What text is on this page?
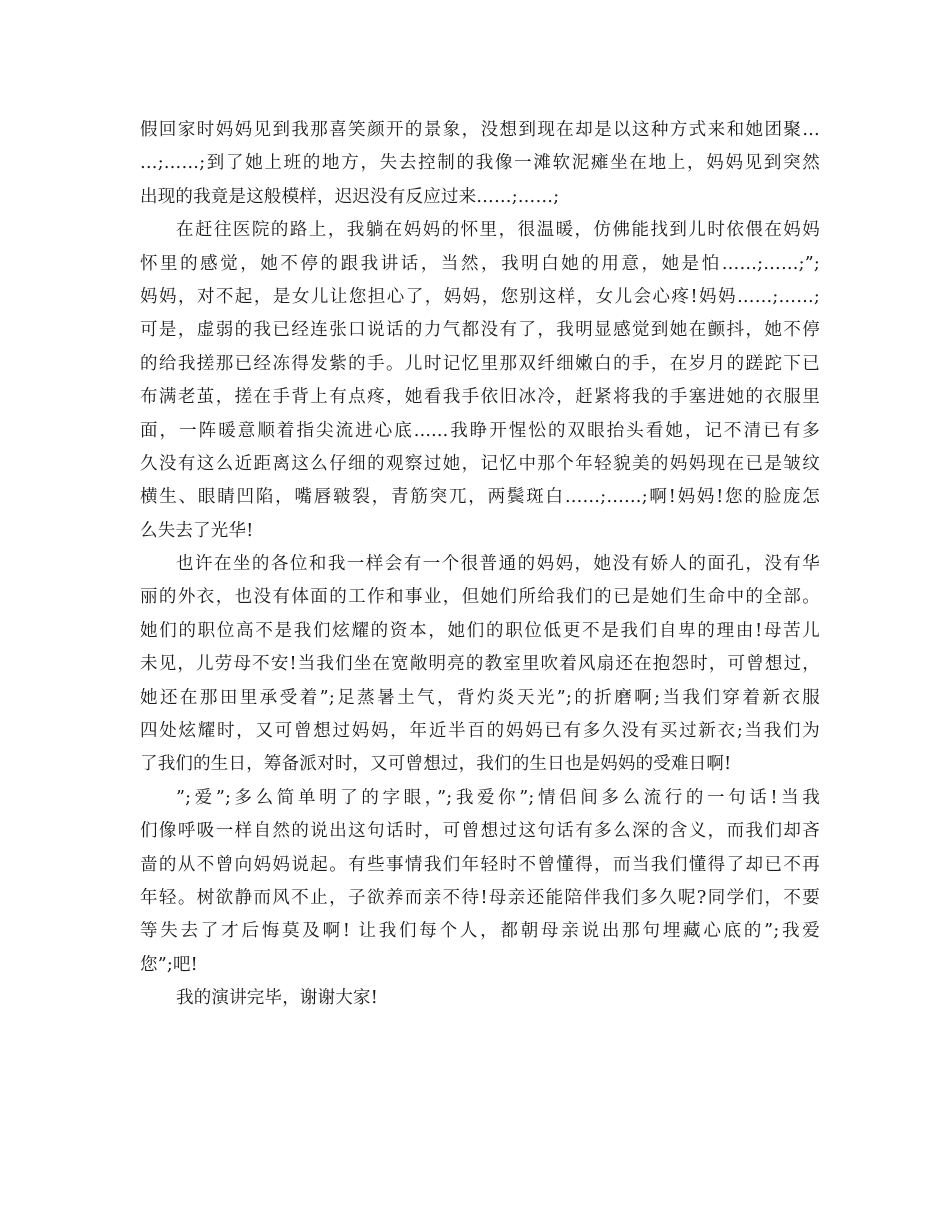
假回家时妈妈见到我那喜笑颜开的景象，没想到现在却是以这种方式来和她团聚…
…;……;到了她上班的地方，失去控制的我像一滩软泥瘫坐在地上，妈妈见到突然
出现的我竟是这般模样，迟迟没有反应过来……;……;
在赶往医院的路上，我躺在妈妈的怀里，很温暖，仿佛能找到儿时依偎在妈妈
怀里的感觉，她不停的跟我讲话，当然，我明白她的用意，她是怕……;……;”;
妈妈，对不起，是女儿让您担心了，妈妈，您别这样，女儿会心疼!妈妈……;……;
可是，虚弱的我已经连张口说话的力气都没有了，我明显感觉到她在颤抖，她不停
的给我搓那已经冻得发紫的手。儿时记忆里那双纤细嫩白的手，在岁月的蹉跎下已
布满老茧，搓在手背上有点疼，她看我手依旧冰冷，赶紧将我的手塞进她的衣服里
面，一阵暖意顺着指尖流进心底......我睁开惺忪的双眼抬头看她，记不清已有多
久没有这么近距离这么仔细的观察过她，记忆中那个年轻貌美的妈妈现在已是皱纹
横生、眼睛凹陷，嘴唇皲裂，青筋突兀，两鬓斑白……;……;啊!妈妈!您的脸庞怎
么失去了光华!
也许在坐的各位和我一样会有一个很普通的妈妈，她没有娇人的面孔，没有华
丽的外衣，也没有体面的工作和事业，但她们所给我们的已是她们生命中的全部。
她们的职位高不是我们炫耀的资本，她们的职位低更不是我们自卑的理由!母苦儿
未见，儿劳母不安!当我们坐在宽敞明亮的教室里吹着风扇还在抱怨时，可曾想过，
她还在那田里承受着”;足蒸暑土气，背灼炎天光”;的折磨啊;当我们穿着新衣服
四处炫耀时，又可曾想过妈妈，年近半百的妈妈已有多久没有买过新衣;当我们为
了我们的生日，筹备派对时，又可曾想过，我们的生日也是妈妈的受难日啊!
”;爱”;多么简单明了的字眼，”;我爱你”;情侣间多么流行的一句话!当我
们像呼吸一样自然的说出这句话时，可曾想过这句话有多么深的含义，而我们却吝
啬的从不曾向妈妈说起。有些事情我们年轻时不曾懂得，而当我们懂得了却已不再
年轻。树欲静而风不止，子欲养而亲不待!母亲还能陪伴我们多久呢?同学们，不要
等失去了才后悔莫及啊! 让我们每个人，都朝母亲说出那句埋藏心底的”;我爱
您”;吧!
我的演讲完毕，谢谢大家!
